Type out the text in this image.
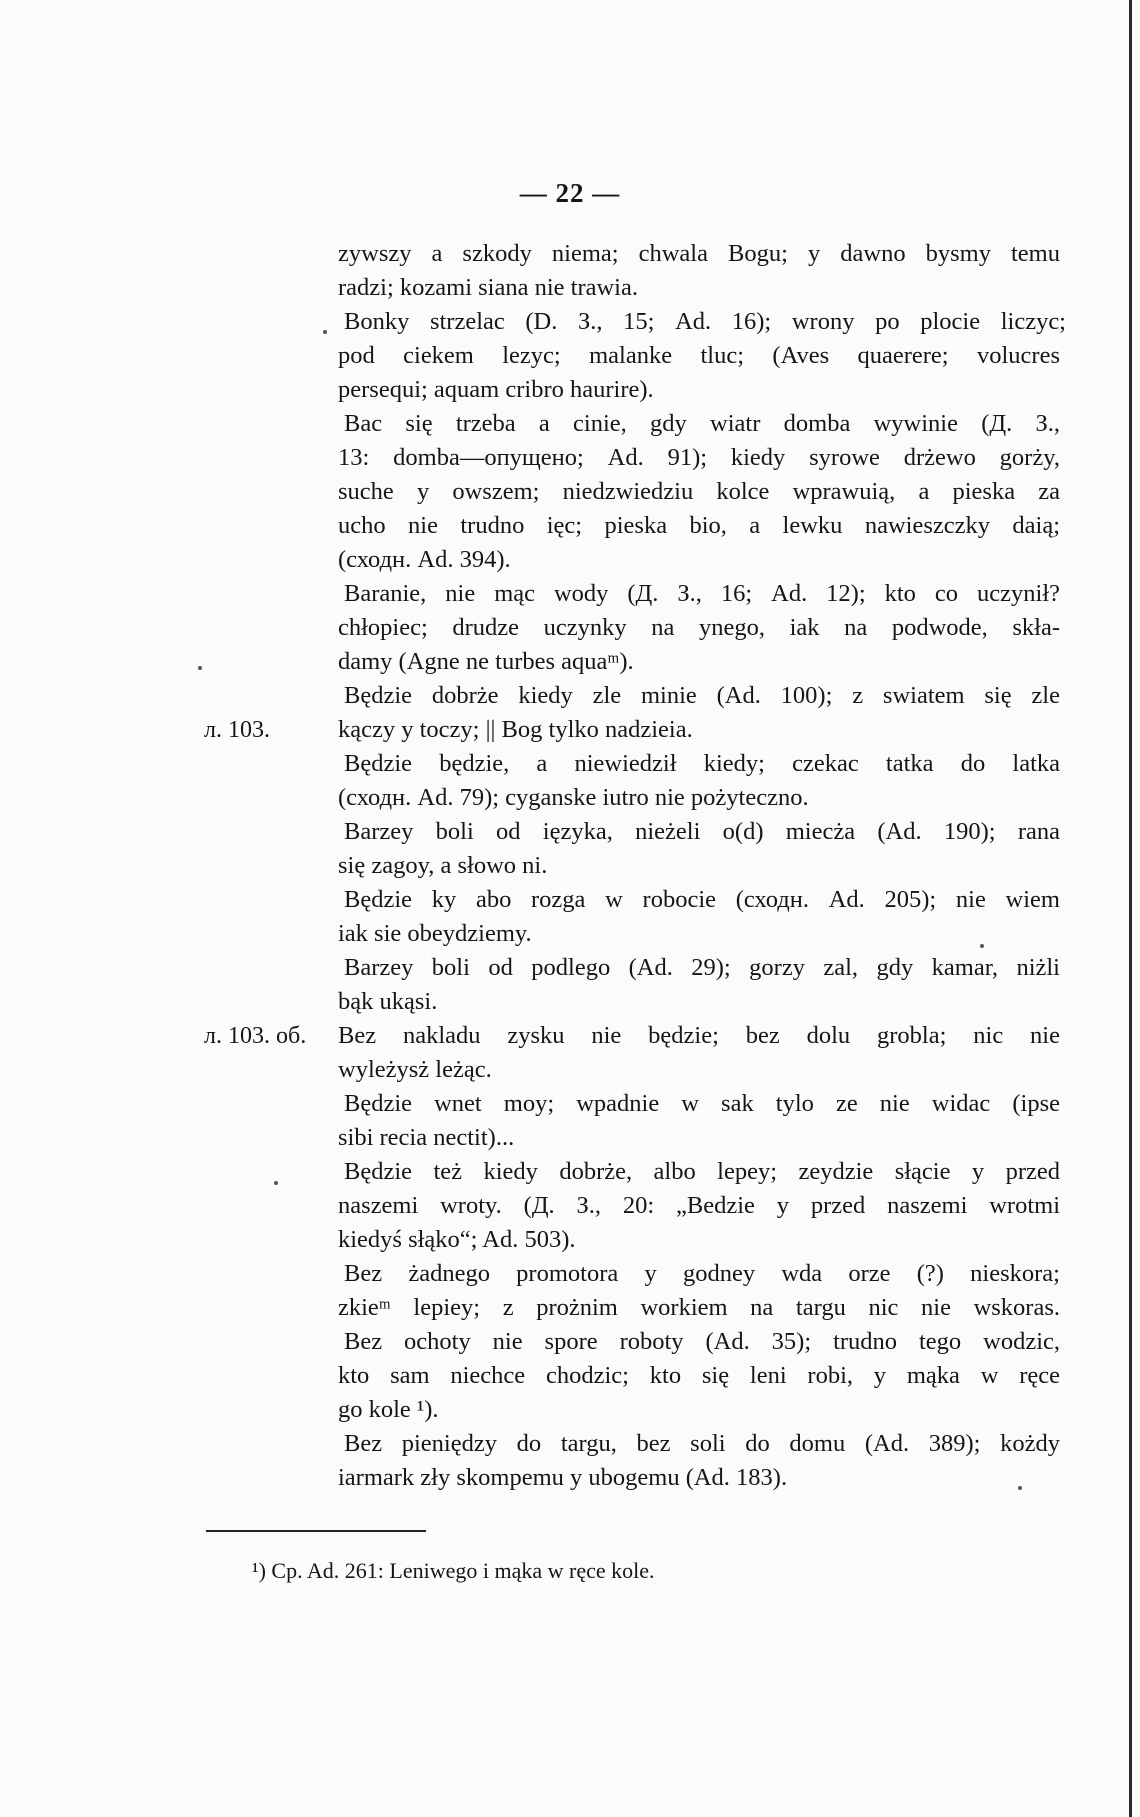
— 22 —
zywszy a szkody niema; chwala Bogu; y dawno bysmy temu
radzi; kozami siana nie trawia.
Bonky strzelac (D. З., 15; Ad. 16); wrony po plocie liczyc;
pod ciekem lezyc; malanke tluc; (Aves quaerere; volucres
persequi; aquam cribro haurire).
Bac się trzeba a cinie, gdy wiatr domba wywinie (Д. З.,
13: domba—опущено; Ad. 91); kiedy syrowe drżewo gorży,
suche y owszem; niedzwiedziu kolce wprawuią, a pieska za
ucho nie trudno ięc; pieska bio, a lewku nawieszczky daią;
(сходн. Ad. 394).
Baranie, nie mąc wody (Д. З., 16; Ad. 12); kto co uczynił?
chłopiec; drudze uczynky na ynego, iak na podwode, skła-
damy (Agne ne turbes aquaᵐ).
Będzie dobrże kiedy zle minie (Ad. 100); z swiatem się zle
kączy y toczy; || Bog tylko nadzieia.
Będzie będzie, a niewiedził kiedy; czekac tatka do latka
(сходн. Ad. 79); cyganske iutro nie pożyteczno.
Barzey boli od ięzyka, nieżeli o(d) miecża (Ad. 190); rana
się zagoy, a słowo ni.
Będzie ky abo rozga w robocie (сходн. Ad. 205); nie wiem
iak sie obeydziemy.
Barzey boli od podlego (Ad. 29); gorzy zal, gdy kamar, niżli
bąk ukąsi.
Bez nakladu zysku nie będzie; bez dolu grobla; nic nie
wyleżysż leżąc.
Będzie wnet moy; wpadnie w sak tylo ze nie widac (ipse
sibi recia nectit)...
Będzie też kiedy dobrże, albo lepey; zeydzie słącie y przed
naszemi wroty. (Д. З., 20: „Bedzie y przed naszemi wrotmi
kiedyś słąko“; Ad. 503).
Bez żadnego promotora y godney wda orze (?) nieskora;
zkieᵐ lepiey; z prożnim workiem na targu nic nie wskoras.
Bez ochoty nie spore roboty (Ad. 35); trudno tego wodzic,
kto sam niechce chodzic; kto się leni robi, y mąka w ręce
go kole ¹).
Bez pieniędzy do targu, bez soli do domu (Ad. 389); kożdy
iarmark zły skompemu y ubogemu (Ad. 183).
л. 103.
л. 103. об.
¹) Cp. Ad. 261: Leniwego i mąka w ręce kole.
